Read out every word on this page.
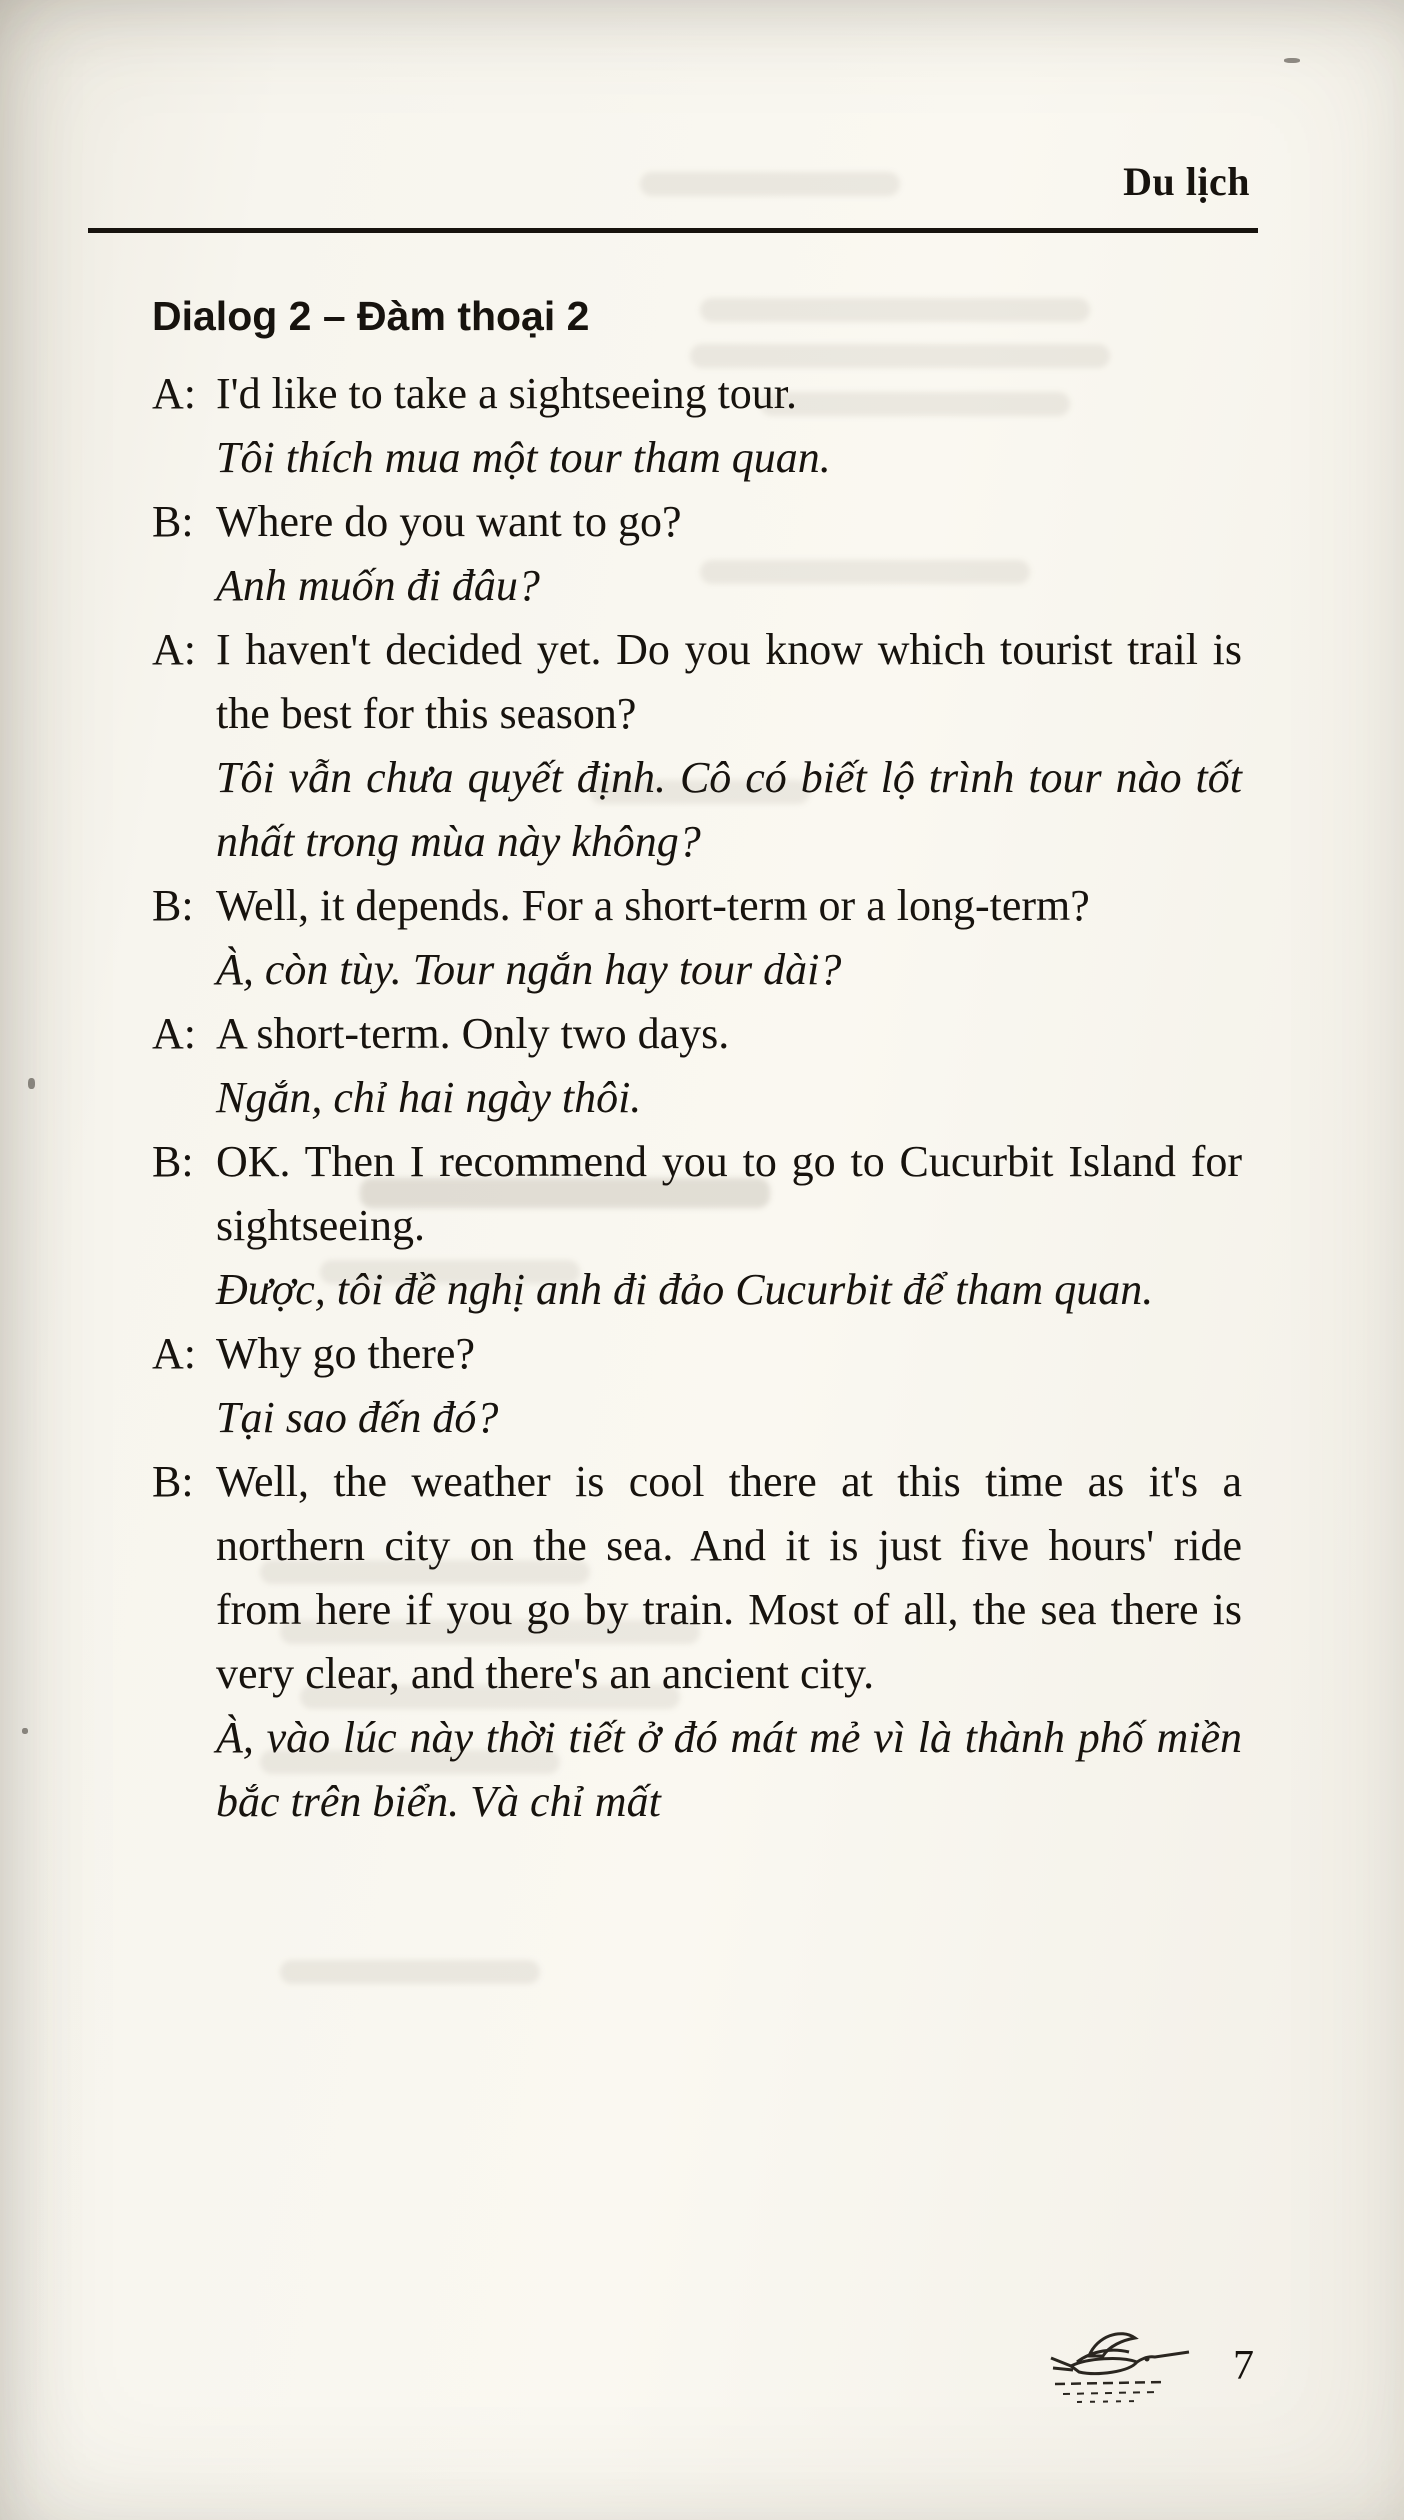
Du lịch
Dialog 2 – Đàm thoại 2

A: I'd like to take a sightseeing tour.

Tôi thích mua một tour tham quan.

B: Where do you want to go?

Anh muốn đi đâu?

A: I haven't decided yet. Do you know which tourist trail is the best for this season?

Tôi vẫn chưa quyết định. Cô có biết lộ trình tour nào tốt nhất trong mùa này không?

B: Well, it depends. For a short-term or a long-term?

À, còn tùy. Tour ngắn hay tour dài?

A: A short-term. Only two days.

Ngắn, chỉ hai ngày thôi.

B: OK. Then I recommend you to go to Cucurbit Island for sightseeing.

Được, tôi đề nghị anh đi đảo Cucurbit để tham quan.

A: Why go there?

Tại sao đến đó?

B: Well, the weather is cool there at this time as it's a northern city on the sea. And it is just five hours' ride from here if you go by train. Most of all, the sea there is very clear, and there's an ancient city.

À, vào lúc này thời tiết ở đó mát mẻ vì là thành phố miền bắc trên biển. Và chỉ mất

7
